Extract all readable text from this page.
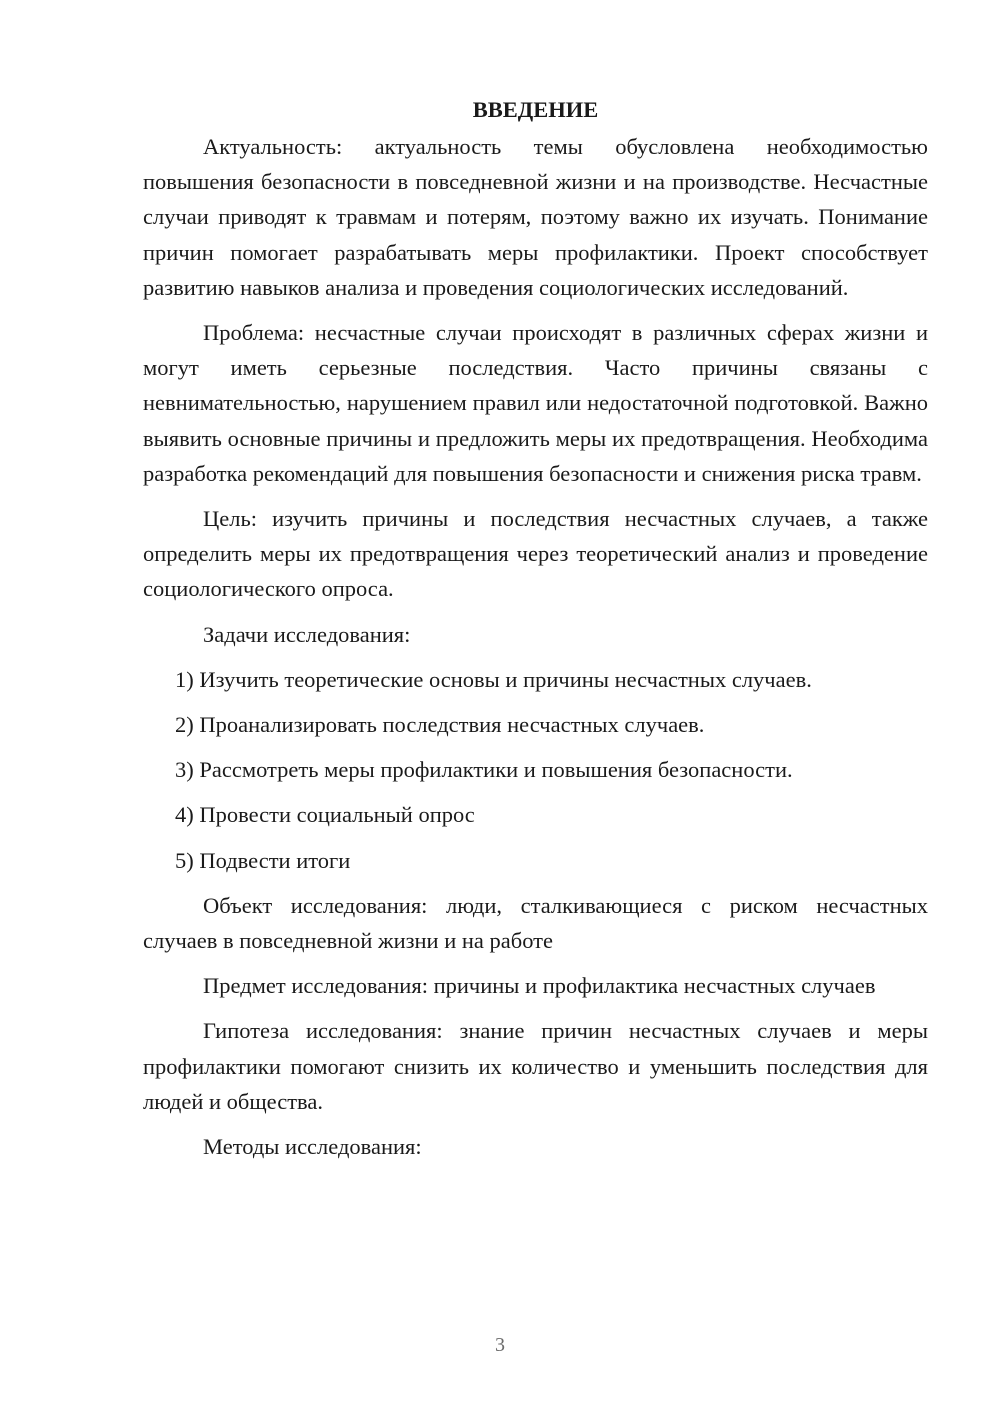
ВВЕДЕНИЕ

Актуальность: актуальность темы обусловлена необходимостью повышения безопасности в повседневной жизни и на производстве. Несчастные случаи приводят к травмам и потерям, поэтому важно их изучать. Понимание причин помогает разрабатывать меры профилактики. Проект способствует развитию навыков анализа и проведения социологических исследований.

Проблема: несчастные случаи происходят в различных сферах жизни и могут иметь серьезные последствия. Часто причины связаны с невнимательностью, нарушением правил или недостаточной подготовкой. Важно выявить основные причины и предложить меры их предотвращения. Необходима разработка рекомендаций для повышения безопасности и снижения риска травм.

Цель: изучить причины и последствия несчастных случаев, а также определить меры их предотвращения через теоретический анализ и проведение социологического опроса.

Задачи исследования:

1) Изучить теоретические основы и причины несчастных случаев.
2) Проанализировать последствия несчастных случаев.
3) Рассмотреть меры профилактики и повышения безопасности.
4) Провести социальный опрос
5) Подвести итоги

Объект исследования: люди, сталкивающиеся с риском несчастных случаев в повседневной жизни и на работе

Предмет исследования: причины и профилактика несчастных случаев

Гипотеза исследования: знание причин несчастных случаев и меры профилактики помогают снизить их количество и уменьшить последствия для людей и общества.

Методы исследования:

3
